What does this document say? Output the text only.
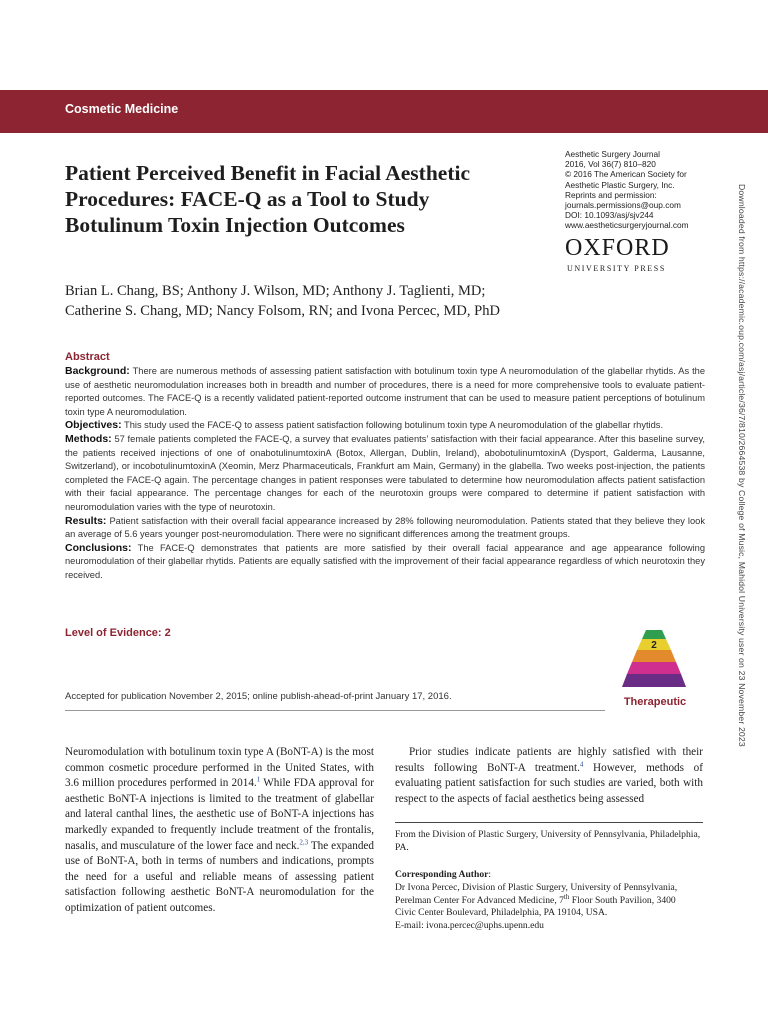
Cosmetic Medicine
Patient Perceived Benefit in Facial Aesthetic
Procedures: FACE-Q as a Tool to Study
Botulinum Toxin Injection Outcomes
Aesthetic Surgery Journal
2016, Vol 36(7) 810–820
© 2016 The American Society for
Aesthetic Plastic Surgery, Inc.
Reprints and permission:
journals.permissions@oup.com
DOI: 10.1093/asj/sjv244
www.aestheticsurgeryjournal.com
OXFORD
UNIVERSITY PRESS
Brian L. Chang, BS; Anthony J. Wilson, MD; Anthony J. Taglienti, MD;
Catherine S. Chang, MD; Nancy Folsom, RN; and Ivona Percec, MD, PhD
Abstract
Background: There are numerous methods of assessing patient satisfaction with botulinum toxin type A neuromodulation of the glabellar rhytids. As the use of aesthetic neuromodulation increases both in breadth and number of procedures, there is a need for more comprehensive tools to evaluate patient-reported outcomes. The FACE-Q is a recently validated patient-reported outcome instrument that can be used to measure patient perceptions of botulinum toxin type A neuromodulation.
Objectives: This study used the FACE-Q to assess patient satisfaction following botulinum toxin type A neuromodulation of the glabellar rhytids.
Methods: 57 female patients completed the FACE-Q, a survey that evaluates patients’ satisfaction with their facial appearance. After this baseline survey, the patients received injections of one of onabotulinumtoxinA (Botox, Allergan, Dublin, Ireland), abobotulinumtoxinA (Dysport, Galderma, Lausanne, Switzerland), or incobotulinumtoxinA (Xeomin, Merz Pharmaceuticals, Frankfurt am Main, Germany) in the glabella. Two weeks post-injection, the patients completed the FACE-Q again. The percentage changes in patient responses were tabulated to determine how neuromodulation affects patient satisfaction with their facial appearance. The percentage changes for each of the neurotoxin groups were compared to determine if patient satisfaction with neuromodulation varies with the type of neurotoxin.
Results: Patient satisfaction with their overall facial appearance increased by 28% following neuromodulation. Patients stated that they believe they look an average of 5.6 years younger post-neuromodulation. There were no significant differences among the treatment groups.
Conclusions: The FACE-Q demonstrates that patients are more satisfied by their overall facial appearance and age appearance following neuromodulation of their glabellar rhytids. Patients are equally satisfied with the improvement of their facial appearance regardless of which neurotoxin they received.
Level of Evidence: 2
2
Therapeutic
Accepted for publication November 2, 2015; online publish-ahead-of-print January 17, 2016.
Neuromodulation with botulinum toxin type A (BoNT-A) is the most common cosmetic procedure performed in the United States, with 3.6 million procedures performed in 2014.$^1$ While FDA approval for aesthetic BoNT-A injections is limited to the treatment of glabellar and lateral canthal lines, the aesthetic use of BoNT-A injections has markedly expanded to frequently include treatment of the frontalis, nasalis, and musculature of the lower face and neck.$^{2,3}$ The expanded use of BoNT-A, both in terms of numbers and indications, prompts the need for a useful and reliable means of assessing patient satisfaction following aesthetic BoNT-A neuromodulation for the optimization of patient outcomes.
Prior studies indicate patients are highly satisfied with their results following BoNT-A treatment.$^4$ However, methods of evaluating patient satisfaction for such studies are varied, both with respect to the aspects of facial aesthetics being assessed
From the Division of Plastic Surgery, University of Pennsylvania, Philadelphia, PA.
Corresponding Author:
Dr Ivona Percec, Division of Plastic Surgery, University of Pennsylvania,
Perelman Center For Advanced Medicine, 7th Floor South Pavilion, 3400
Civic Center Boulevard, Philadelphia, PA 19104, USA.
E-mail: ivona.percec@uphs.upenn.edu
Downloaded from https://academic.oup.com/asj/article/36/7/810/2664538 by College of Music, Mahidol University user on 23 November 2023
